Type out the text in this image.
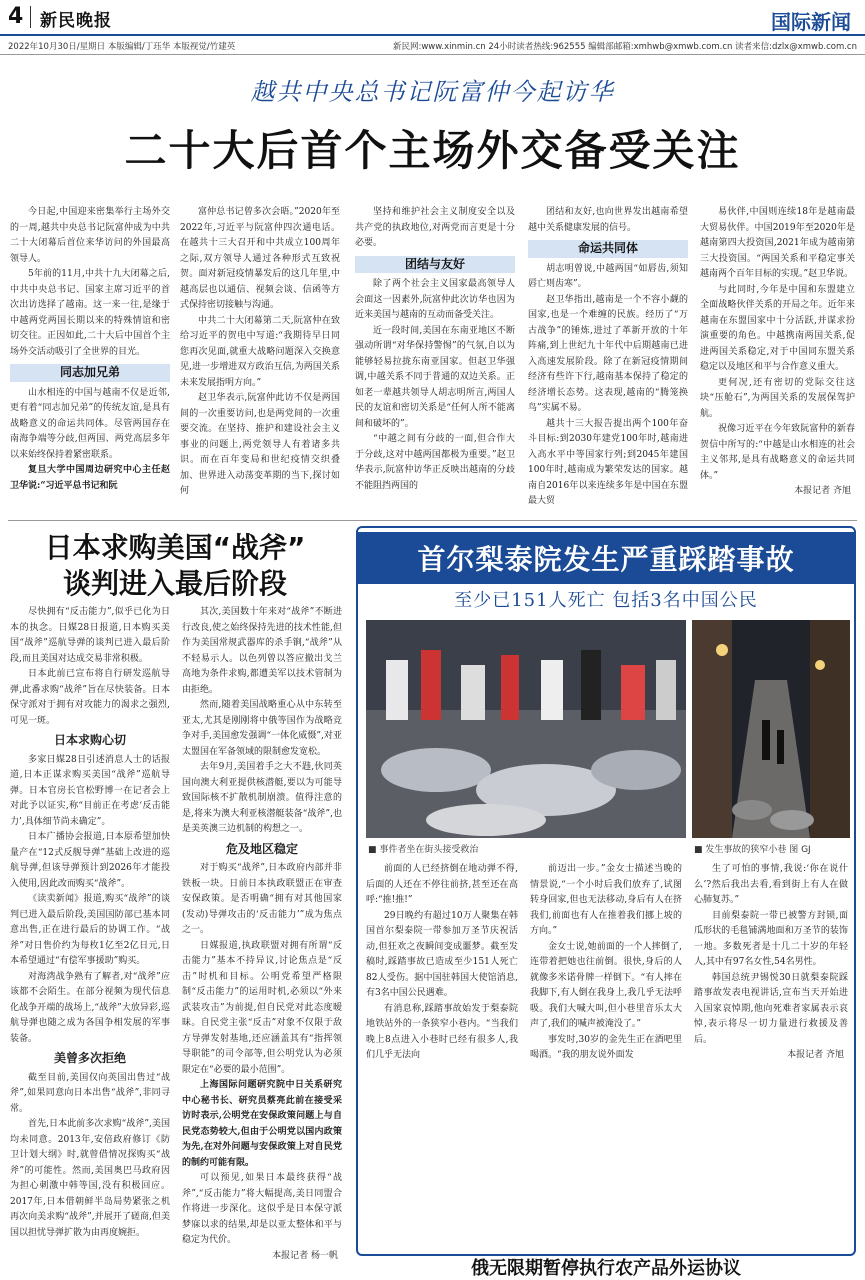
4 新民晚报	国际新闻
2022年10月30日/星期日 本版编辑/丁珏华 本版视觉/竹建英	新民网:www.xinmin.cn 24小时读者热线:962555 编辑部邮箱:xmhwb@xmwb.com.cn 读者来信:dzlx@xmwb.com.cn
越共中央总书记阮富仲今起访华
二十大后首个主场外交备受关注

今日起,中国迎来密集举行主场外交的一周,越共中央总书记阮富仲成为中共二十大闭幕后首位来华访问的外国最高领导人。

5年前的11月,中共十九大闭幕之后,中共中央总书记、国家主席习近平的首次出访选择了越南。这一来一往,是缘于中越两党两国长期以来的特殊情谊和密切交往。正因如此,二十大后中国首个主场外交活动吸引了全世界的目光。

同志加兄弟

山水相连的中国与越南不仅是近邻,更有着“同志加兄弟”的传统友谊,是具有战略意义的命运共同体。尽管两国存在南海争端等分歧,但两国、两党高层多年以来始终保持着紧密联系。

复旦大学中国周边研究中心主任赵卫华说:“习近平总书记和阮

富仲总书记曾多次会晤。”2020年至2022年,习近平与阮富仲四次通电话。在越共十三大召开和中共成立100周年之际,双方领导人通过各种形式互致祝贺。面对新冠疫情暴发后的这几年里,中越高层也以通信、视频会谈、信函等方式保持密切接触与沟通。

中共二十大闭幕第二天,阮富仲在致给习近平的贺电中写道:“我期待早日同您再次见面,就重大战略问题深入交换意见,进一步增进双方政治互信,为两国关系未来发展指明方向。”

赵卫华表示,阮富仲此访不仅是两国间的一次重要访问,也是两党间的一次重要交流。在坚持、推护和建设社会主义事业的问题上,两党领导人有着诸多共识。而在百年变局和世纪疫情交织叠加、世界进入动荡变革期的当下,探讨如何

坚持和维护社会主义制度安全以及共产党的执政地位,对两党而言更是十分必要。

团结与友好

除了两个社会主义国家最高领导人会面这一因素外,阮富仲此次访华也因为近来美国与越南的互动而备受关注。

近一段时间,美国在东南亚地区不断强动所谓“对华保持警惕”的气氛,自以为能够轻易拉拢东南亚国家。但赵卫华强调,中越关系不同于普通的双边关系。正如老一辈越共领导人胡志明所言,两国人民的友谊和密切关系是“任何人所不能离间和破坏的”。

“中越之间有分歧的一面,但合作大于分歧,这对中越两国都极为重要。”赵卫华表示,阮富仲访华正反映出越南的分歧不能阻挡两国的

团结和友好,也向世界发出越南希望越中关系健康发展的信号。

命运共同体

胡志明曾说,中越两国“如唇齿,须知唇亡则齿寒”。

赵卫华指出,越南是一个不容小觑的国家,也是一个难缠的民族。经历了“万古战争”的锤炼,进过了革新开放的十年阵痛,到上世纪九十年代中后期越南已进入高速发展阶段。除了在新冠疫情期间经济有些许下行,越南基本保持了稳定的经济增长态势。这表现,越南的“腾笼换鸟”实属不易。

越共十三大报告提出两个100年奋斗目标:到2030年建党100年时,越南进入高水平中等国家行列;到2045年建国100年时,越南成为繁荣发达的国家。越南自2016年以来连续多年是中国在东盟最大贸

易伙伴,中国则连续18年是越南最大贸易伙伴。中国2019年至2020年是越南第四大投资国,2021年成为越南第三大投资国。“两国关系和平稳定事关越南两个百年目标的实现。”赵卫华说。

与此同时,今年是中国和东盟建立全面战略伙伴关系的开局之年。近年来越南在东盟国家中十分活跃,并谋求扮演重要的角色。中越携南两国关系,促进两国关系稳定,对于中国同东盟关系稳定以及地区和平与合作意义重大。

更何况,还有密切的党际交往这块“压舱石”,为两国关系的发展保驾护航。

祝像习近平在今年致阮富仲的新春贺信中所写的:“中越是山水相连的社会主义邻邦,是具有战略意义的命运共同体。”

本报记者 齐旭
日本求购美国“战斧”
谈判进入最后阶段

尽快拥有“反击能力”,似乎已化为日本的执念。日媒28日报道,日本购买美国“战斧”巡航导弹的谈判已进入最后阶段,而且美国对达成交易非常积极。

日本此前已宣布将自行研发巡航导弹,此番求购“战斧”旨在尽快装备。日本保守派对于拥有对攻能力的渴求之强烈,可见一斑。

日本求购心切

多家日媒28日引述消息人士的话报道,日本正谋求购买美国“战斧”巡航导弹。日本官房长官松野博一在记者会上对此予以证实,称“目前正在考虑‘反击能力’,具体细节尚未确定”。

日本广播协会报道,日本原希望加快量产在“12式反舰导弹”基础上改进的巡航导弹,但该导弹预计到2026年才能投入使用,因此改而购买“战斧”。

《读卖新闻》报道,购买“战斧”的谈判已进入最后阶段,美国国防部已基本同意出售,正在进行最后的协调工作。“战斧”对日售价约为每枚1亿至2亿日元,日本希望通过“有偿军事援助”购买。

对海湾战争熟有了解者,对“战斧”应该都不会陌生。在部分视频为现代信息化战争开端的战场上,“战斧”大放异彩,巡航导弹也随之成为各国争相发展的军事装备。

美曾多次拒绝

截至目前,美国仅向英国出售过“战斧”,如果同意向日本出售“战斧”,非同寻常。

首先,日本此前多次求购“战斧”,美国均未同意。2013年,安倍政府修订《防卫计划大纲》时,就曾借情况探购买“战斧”的可能性。然而,美国奥巴马政府因为担心刺激中韩等国,没有积极回应。2017年,日本借朝鲜半岛局势紧张之机再次向美求购“战斧”,并展开了磋商,但美国以担忧导弹扩散为由再度婉拒。

其次,美国数十年来对“战斧”不断进行改良,使之始终保持先进的技术性能,但作为美国常规武器库的杀手锏,“战斧”从不轻易示人。以色列曾以答应撤出戈兰高地为条件求购,都遭美军以技术管制为由拒绝。

然而,随着美国战略重心从中东转至亚太,尤其是刚刚将中俄等国作为战略竞争对手,美国愈发强调“一体化威慑”,对亚太盟国在军备领域的限制愈发宽松。

去年9月,美国着手之大不韪,伙同英国向澳大利亚提供核潜艇,要以为可能导致国际核不扩散机制崩溃。值得注意的是,将来为澳大利亚核潜艇装备“战斧”,也是美英澳三边机制的构想之一。

危及地区稳定

对于购买“战斧”,日本政府内部并非铁板一块。日前日本执政联盟正在审查安保政策。是否明确“拥有对其他国家(发动)导弹攻击的‘反击能力’”成为焦点之一。

日媒报道,执政联盟对拥有所谓“反击能力”基本不持异议,讨论焦点是“反击”时机和目标。公明党希望严格限制“反击能力”的运用时机,必须以“外来武装攻击”为前提,但自民党对此态度暧昧。自民党主张“反击”对象不仅限于敌方导弹发射基地,还应涵盖其有“指挥领导职能”的司令部等,但公明党认为必须限定在“必要的最小范围”。

上海国际问题研究院中日关系研究中心秘书长、研究员蔡亮此前在接受采访时表示,公明党在安保政策问题上与自民党态势较大,但由于公明党以国内政策为先,在对外问题与安保政策上对自民党的制约可能有限。

可以预见,如果日本最终获得“战斧”,“反击能力”将大幅提高,美日同盟合作将进一步深化。这似乎是日本保守派梦寐以求的结果,却是以亚太整体和平与稳定为代价。

本报记者 杨一帆
首尔梨泰院发生严重踩踏事故
至少已151人死亡 包括3名中国公民
■ 事件者坐在街头接受救治	■ 发生事故的狭窄小巷 图 GJ

前面的人已经挤倒在地动弹不得,后面的人还在不停往前挤,甚至还在高呼:“推!推!”

29日晚约有超过10万人聚集在韩国首尔梨泰院一带参加万圣节庆祝活动,但狂欢之夜瞬间变成噩梦。截至发稿时,踩踏事故已造成至少151人死亡82人受伤。据中国驻韩国大使馆消息,有3名中国公民遇难。

有消息称,踩踏事故始发于梨泰院地铁站外的一条狭窄小巷内。“当我们晚上8点进入小巷时已经有很多人,我们几乎无法向

前迈出一步。”金女士描述当晚的情景说,“一个小时后我们放弃了,试图转身回家,但也无法移动,身后有人在挤我们,前面也有人在推着我们挪上坡的方向。”

金女士说,她前面的一个人摔倒了,连带着把她也往前倒。很快,身后的人就像多米诺骨牌一样倒下。“有人摔在我脚下,有人倒在我身上,我几乎无法呼吸。我们大喊大叫,但小巷里音乐太大声了,我们的喊声被淹没了。”

事发时,30岁的金先生正在酒吧里喝酒。“我的朋友说外面发

生了可怕的事情,我说:‘你在说什么’?然后我出去看,看到街上有人在做心肺复苏。”

目前梨泰院一带已被警方封锁,面瓜形状的毛毯铺满地面和万圣节的装饰一地。多数死者是十几二十岁的年轻人,其中有97名女性,54名男性。

韩国总统尹锡悦30日就梨泰院踩踏事故发表电视讲话,宣布当天开始进入国家哀悼期,他向死难者家属表示哀悼,表示将尽一切力量进行救援及善后。

本报记者 齐旭
俄无限期暂停执行农产品外运协议
